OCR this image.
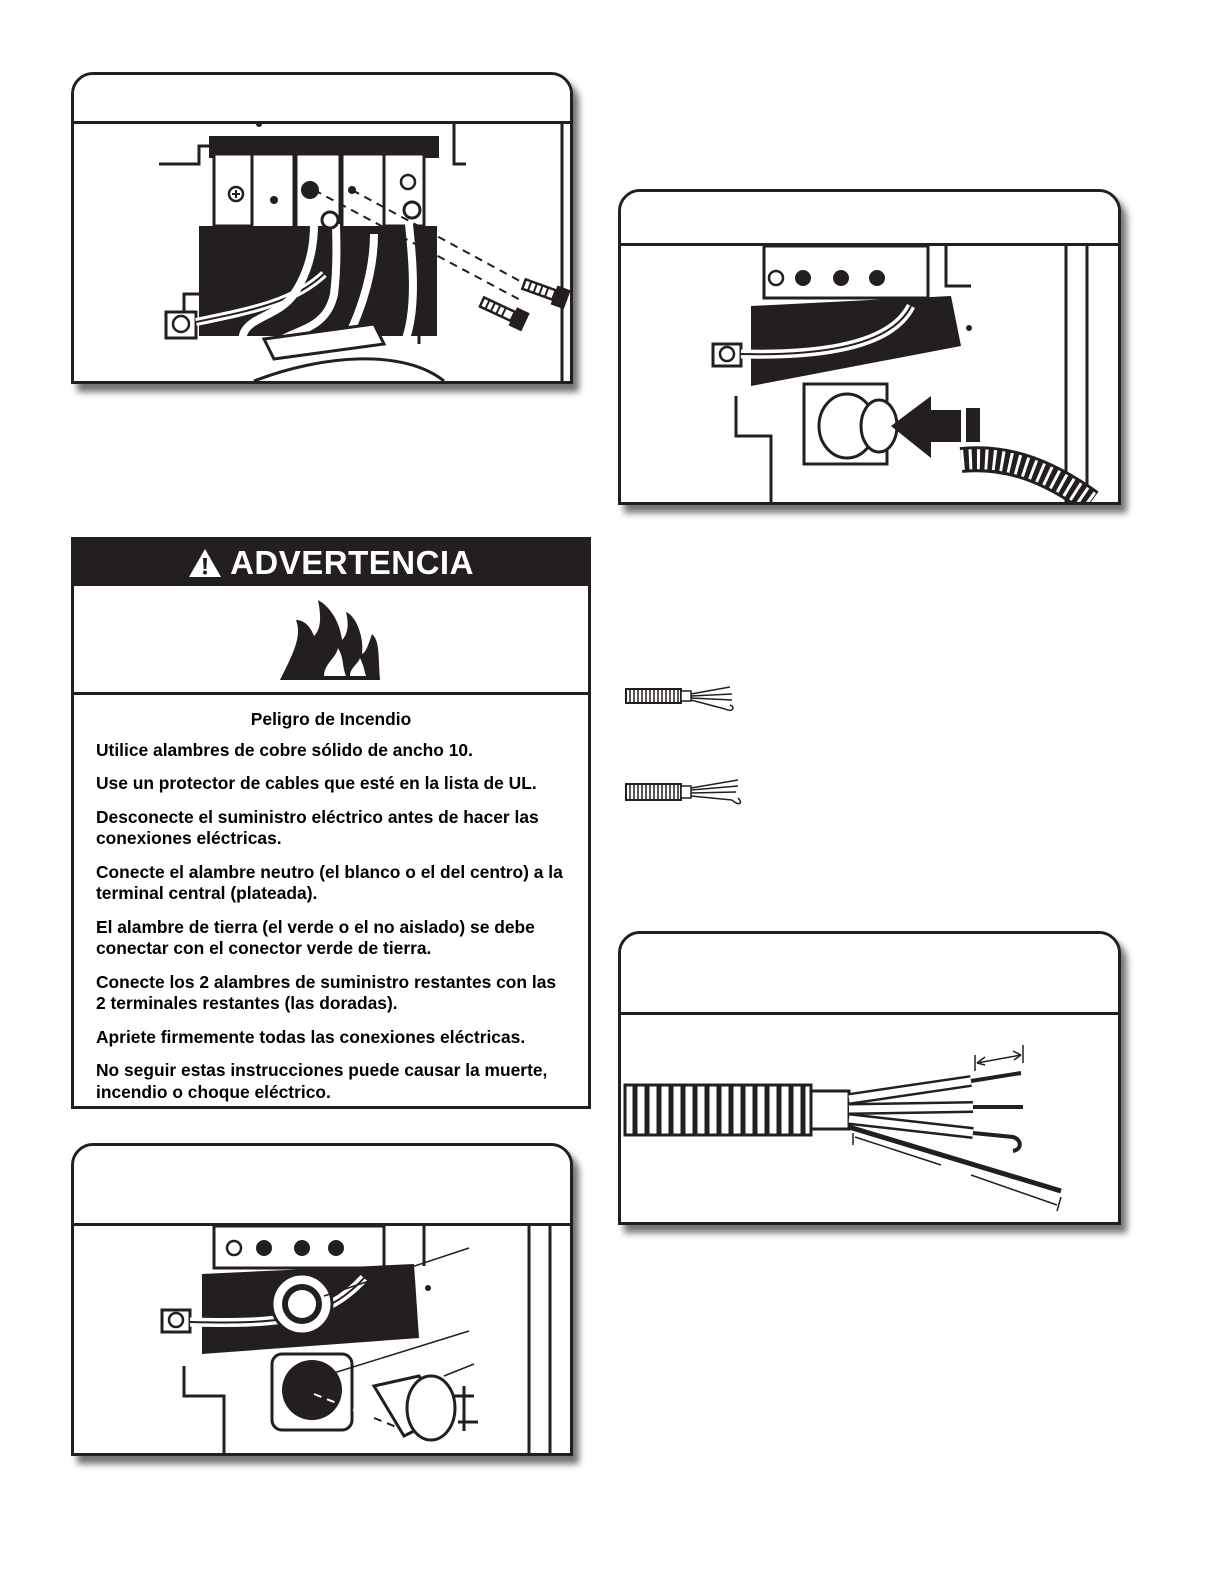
ADVERTENCIA
Peligro de Incendio

Utilice alambres de cobre sólido de ancho 10.

Use un protector de cables que esté en la lista de UL.

Desconecte el suministro eléctrico antes de hacer las conexiones eléctricas.

Conecte el alambre neutro (el blanco o el del centro) a la terminal central (plateada).

El alambre de tierra (el verde o el no aislado) se debe conectar con el conector verde de tierra.

Conecte los 2 alambres de suministro restantes con las 2 terminales restantes (las doradas).

Apriete firmemente todas las conexiones eléctricas.

No seguir estas instrucciones puede causar la muerte, incendio o choque eléctrico.
